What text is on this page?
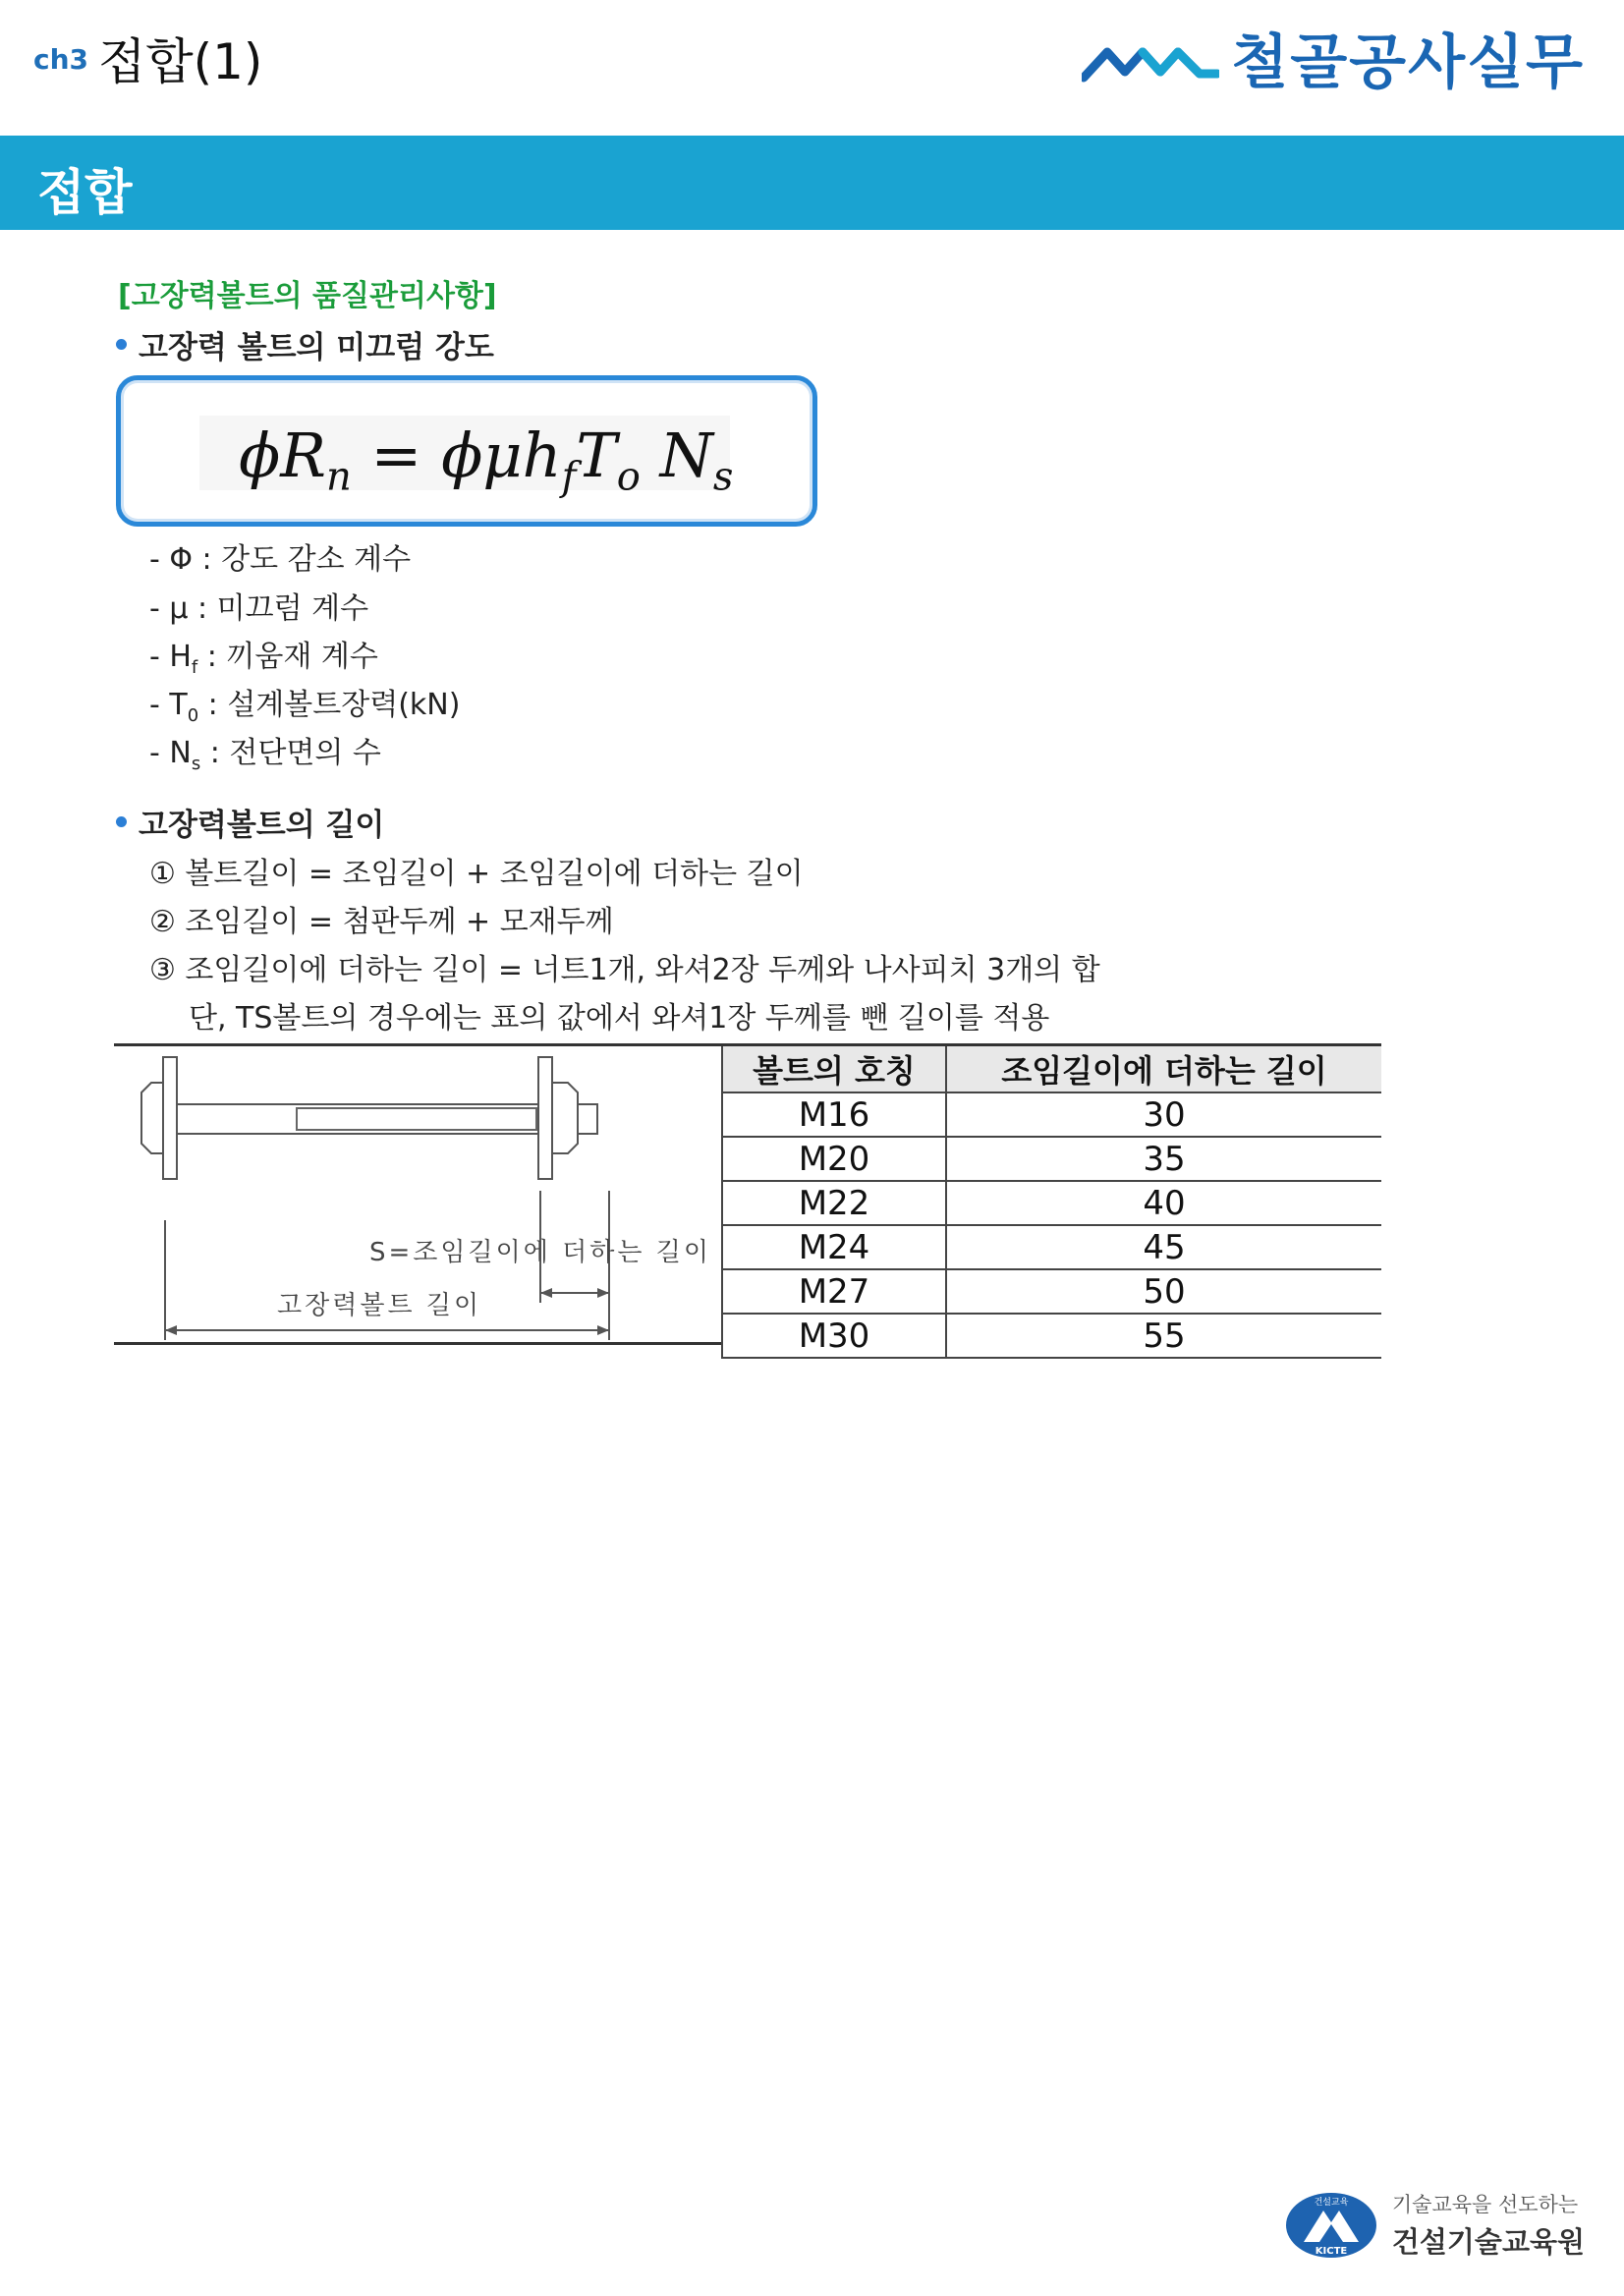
ch3 접합(1)	철골공사실무
접합
[고장력볼트의 품질관리사항]
고장력 볼트의 미끄럼 강도
$\phi R_n = \phi\mu h_fT_o$ $N_s$
- Φ : 강도 감소 계수
- μ : 미끄럼 계수
- $H_f$ : 끼움재 계수
- $T_0$ : 설계볼트장력(kN)
- $N_s$ : 전단면의 수
고장력볼트의 길이
① 볼트길이 = 조임길이 + 조임길이에 더하는 길이
② 조임길이 = 첨판두께 + 모재두께
③ 조임길이에 더하는 길이 = 너트1개, 와셔2장 두께와 나사피치 3개의 합
단, TS볼트의 경우에는 표의 값에서 와셔1장 두께를 뺀 길이를 적용
S=조임길이에 더하는 길이
고장력볼트 길이
볼트의 호칭	조임길이에 더하는 길이
M16	30
M20	35
M22	40
M24	45
M27	50
M30	55
건설교육
KICTE
기술교육을 선도하는
건설기술교육원
